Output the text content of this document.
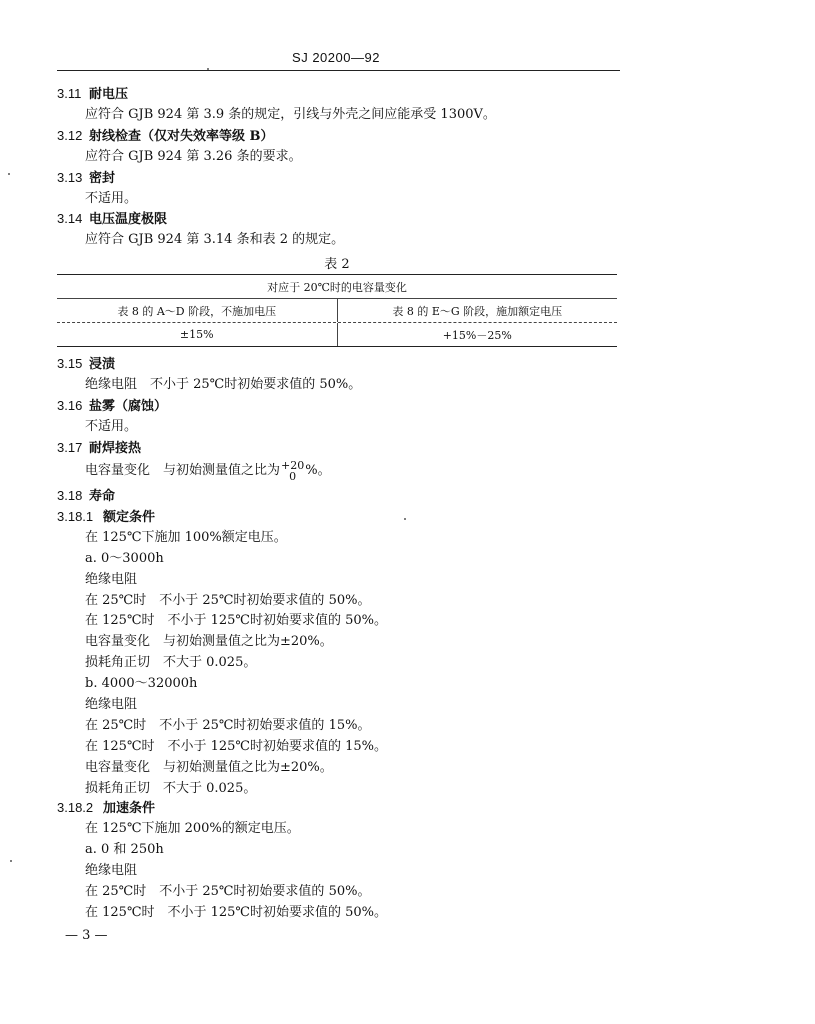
SJ 20200—92
3.11 耐电压
应符合 GJB 924 第 3.9 条的规定，引线与外壳之间应能承受 1300V。
3.12 射线检查（仅对失效率等级 B）
应符合 GJB 924 第 3.26 条的要求。
3.13 密封
不适用。
3.14 电压温度极限
应符合 GJB 924 第 3.14 条和表 2 的规定。
表 2
对应于 20℃时的电容量变化
表 8 的 A～D 阶段，不施加电压	表 8 的 E～G 阶段，施加额定电压
±15%	+15%－25%
3.15 浸渍
绝缘电阻　不小于 25℃时初始要求值的 50%。
3.16 盐雾（腐蚀）
不适用。
3.17 耐焊接热
电容量变化　与初始测量值之比为 +20
0 %。
3.18 寿命
3.18.1 额定条件
在 125℃下施加 100%额定电压。
a. 0～3000h
绝缘电阻
在 25℃时　不小于 25℃时初始要求值的 50%。
在 125℃时　不小于 125℃时初始要求值的 50%。
电容量变化　与初始测量值之比为±20%。
损耗角正切　不大于 0.025。
b. 4000～32000h
绝缘电阻
在 25℃时　不小于 25℃时初始要求值的 15%。
在 125℃时　不小于 125℃时初始要求值的 15%。
电容量变化　与初始测量值之比为±20%。
损耗角正切　不大于 0.025。
3.18.2 加速条件
在 125℃下施加 200%的额定电压。
a. 0 和 250h
绝缘电阻
在 25℃时　不小于 25℃时初始要求值的 50%。
在 125℃时　不小于 125℃时初始要求值的 50%。
— 3 —
